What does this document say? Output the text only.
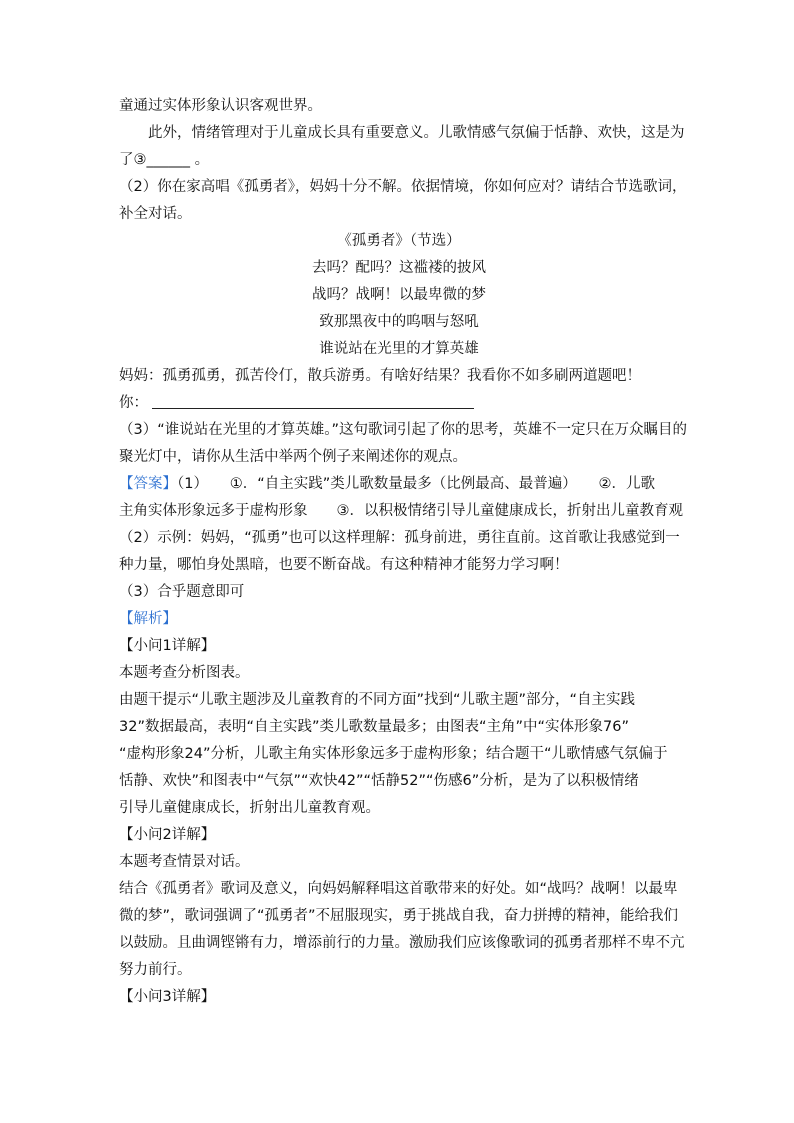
童通过实体形象认识客观世界。
此外，情绪管理对于儿童成长具有重要意义。儿歌情感气氛偏于恬静、欢快，这是为
了③______ 。
（2）你在家高唱《孤勇者》，妈妈十分不解。依据情境，你如何应对？请结合节选歌词，
补全对话。
《孤勇者》（节选）
去吗？配吗？这褴褛的披风
战吗？战啊！以最卑微的梦
致那黑夜中的呜咽与怒吼
谁说站在光里的才算英雄
妈妈：孤勇孤勇，孤苦伶仃，散兵游勇。有啥好结果？我看你不如多刷两道题吧！
你：
（3）“谁说站在光里的才算英雄。”这句歌词引起了你的思考，英雄不一定只在万众瞩目的
聚光灯中，请你从生活中举两个例子来阐述你的观点。
【答案】（1）　　①．“自主实践”类儿歌数量最多（比例最高、最普遍）　　②．儿歌
主角实体形象远多于虚构形象　　③．以积极情绪引导儿童健康成长，折射出儿童教育观
（2）示例：妈妈，“孤勇”也可以这样理解：孤身前进，勇往直前。这首歌让我感觉到一
种力量，哪怕身处黑暗，也要不断奋战。有这种精神才能努力学习啊！
（3）合乎题意即可
【解析】
【小问1详解】
本题考查分析图表。
由题干提示“儿歌主题涉及儿童教育的不同方面”找到“儿歌主题”部分，“自主实践
32”数据最高，表明“自主实践”类儿歌数量最多；由图表“主角”中“实体形象76”
“虚构形象24”分析，儿歌主角实体形象远多于虚构形象；结合题干“儿歌情感气氛偏于
恬静、欢快”和图表中“气氛”“欢快42”“恬静52”“伤感6”分析，是为了以积极情绪
引导儿童健康成长，折射出儿童教育观。
【小问2详解】
本题考查情景对话。
结合《孤勇者》歌词及意义，向妈妈解释唱这首歌带来的好处。如“战吗？战啊！以最卑
微的梦”，歌词强调了“孤勇者”不屈服现实，勇于挑战自我，奋力拼搏的精神，能给我们
以鼓励。且曲调铿锵有力，增添前行的力量。激励我们应该像歌词的孤勇者那样不卑不亢
努力前行。
【小问3详解】
